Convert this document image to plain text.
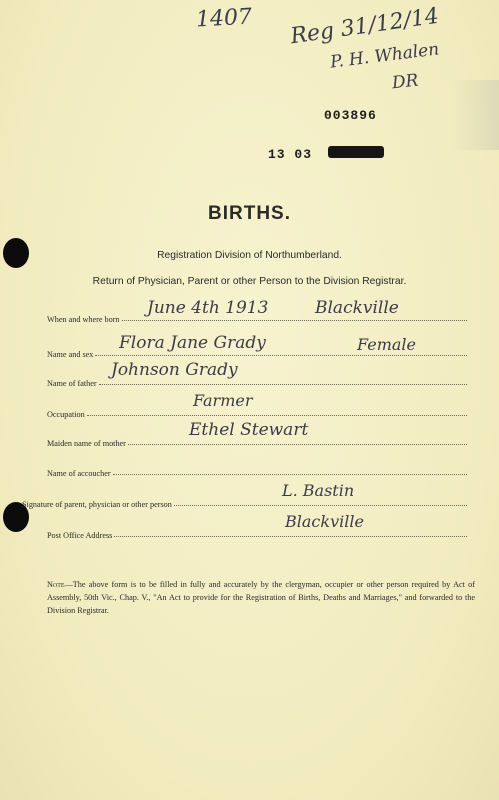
1407 Reg 31/12/14
P. H. Whalen
DR
003896
13 03
BIRTHS.
Registration Division of Northumberland.
Return of Physician, Parent or other Person to the Division Registrar.
When and where born
June 4th 1913	Blackville
Name and sex
Flora Jane Grady	Female
Name of father
Johnson Grady
Occupation
Farmer
Maiden name of mother
Ethel Stewart
Name of accoucher
Signature of parent, physician or other person
L. Bastin
Post Office Address
Blackville
Note—The above form is to be filled in fully and accurately by the clergyman, occupier or other person required by Act of Assembly, 50th Vic., Chap. V., "An Act to provide for the Registration of Births, Deaths and Marriages," and forwarded to the Division Registrar.
